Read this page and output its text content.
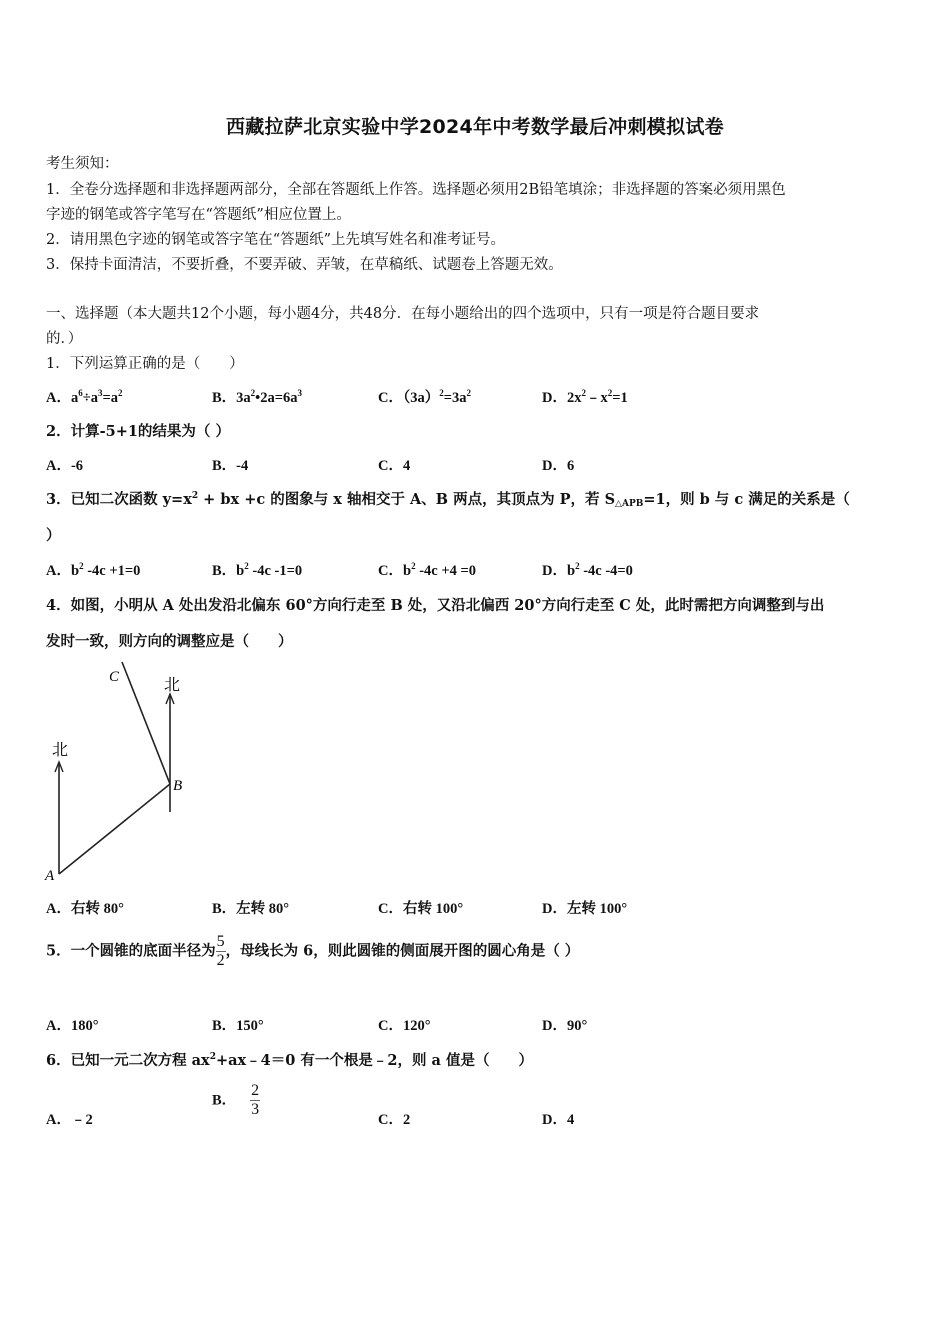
西藏拉萨北京实验中学2024年中考数学最后冲刺模拟试卷
考生须知：
1．全卷分选择题和非选择题两部分，全部在答题纸上作答。选择题必须用2B铅笔填涂；非选择题的答案必须用黑色
字迹的钢笔或答字笔写在“答题纸”相应位置上。
2．请用黑色字迹的钢笔或答字笔在“答题纸”上先填写姓名和准考证号。
3．保持卡面清洁，不要折叠，不要弄破、弄皱，在草稿纸、试题卷上答题无效。
一、选择题（本大题共12个小题，每小题4分，共48分．在每小题给出的四个选项中，只有一项是符合题目要求
的．）
1．下列运算正确的是（　　）
A．$a^6\div a^3=a^2$	B．$3a^2•2a=6a^3$	C．$(3a)^2=3a^2$	D．$2x^2﹣x^2=1$
2．计算-5+1的结果为（ ）
A．-6	B．-4	C．4	D．6
3．已知二次函数 $y=x^2$ + bx +c 的图象与 x 轴相交于 A、B 两点，其顶点为 P，若 $S_{\triangle APB}=1$，则 b 与 c 满足的关系是（
）
A．$b^2$ -4c +1=0	B．$b^2$ -4c -1=0	C．$b^2$ -4c +4 =0	D．$b^2$ -4c -4=0
4．如图，小明从 A 处出发沿北偏东 60°方向行走至 B 处，又沿北偏西 20°方向行走至 C 处，此时需把方向调整到与出
发时一致，则方向的调整应是（　　）
北
北
A
B
C
A．右转 80°	B．左转 80°	C．右转 100°	D．左转 100°
5．一个圆锥的底面半径为 $\frac{5}{2}$ ，母线长为 6，则此圆锥的侧面展开图的圆心角是（ ）
A．180°	B．150°	C．120°	D．90°
6．已知一元二次方程 $ax^2+ax﹣4=0$ 有一个根是﹣2，则 a 值是（　　）
A．﹣2
B． $\frac{2}{3}$
C．2	D．4
